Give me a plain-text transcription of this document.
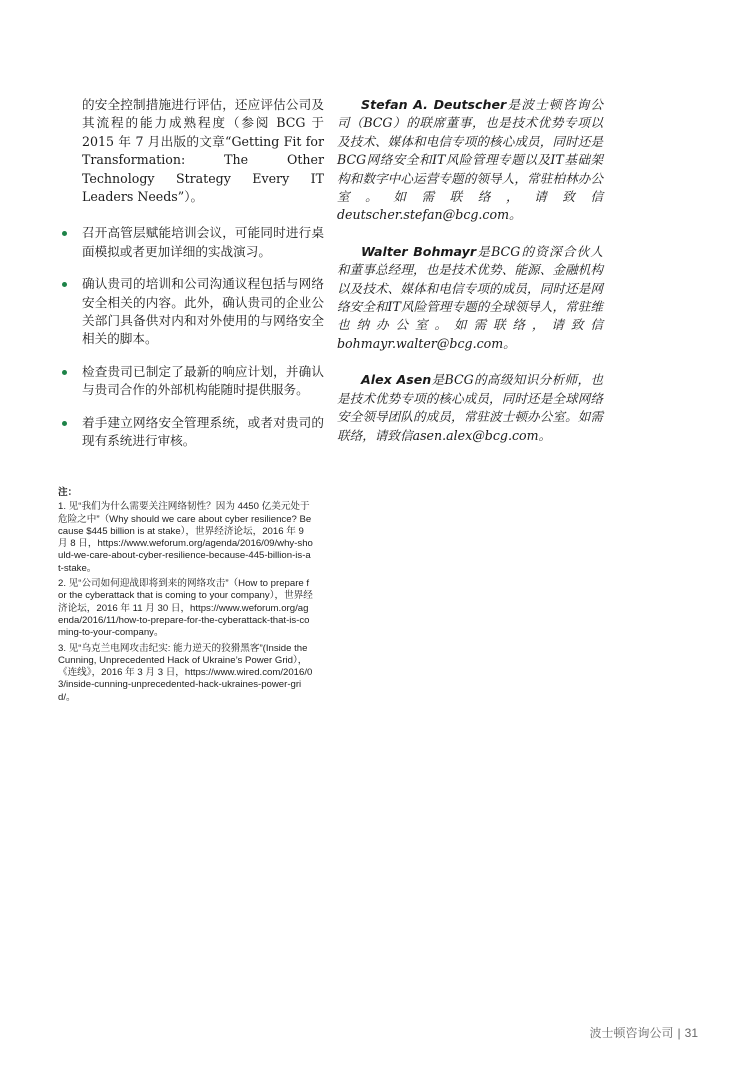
的安全控制措施进行评估，还应评估公司及其流程的能力成熟程度（参阅 BCG 于 2015 年 7 月出版的文章“Getting Fit for Transformation: The Other Technology Strategy Every IT Leaders Needs”）。

召开高管层赋能培训会议，可能同时进行桌面模拟或者更加详细的实战演习。
确认贵司的培训和公司沟通议程包括与网络安全相关的内容。此外，确认贵司的企业公关部门具备供对内和对外使用的与网络安全相关的脚本。
检查贵司已制定了最新的响应计划，并确认与贵司合作的外部机构能随时提供服务。
着手建立网络安全管理系统，或者对贵司的现有系统进行审核。

Stefan A. Deutscher是波士顿咨询公司（BCG）的联席董事，也是技术优势专项以及技术、媒体和电信专项的核心成员，同时还是BCG网络安全和IT风险管理专题以及IT基础架构和数字中心运营专题的领导人，常驻柏林办公室。如需联络，请致信deutscher.stefan@bcg.com。

Walter Bohmayr是BCG的资深合伙人和董事总经理，也是技术优势、能源、金融机构以及技术、媒体和电信专项的成员，同时还是网络安全和IT风险管理专题的全球领导人，常驻维也纳办公室。如需联络，请致信bohmayr.walter@bcg.com。

Alex Asen是BCG的高级知识分析师，也是技术优势专项的核心成员，同时还是全球网络安全领导团队的成员，常驻波士顿办公室。如需联络，请致信asen.alex@bcg.com。

注：

1. 见“我们为什么需要关注网络韧性？因为 4450 亿美元处于危险之中”（Why should we care about cyber resilience? Because $445 billion is at stake），世界经济论坛，2016 年 9 月 8 日，https://www.weforum.org/agenda/2016/09/why-should-we-care-about-cyber-resilience-because-445-billion-is-at-stake。

2. 见“公司如何迎战即将到来的网络攻击”（How to prepare for the cyberattack that is coming to your company），世界经济论坛，2016 年 11 月 30 日，https://www.weforum.org/agenda/2016/11/how-to-prepare-for-the-cyberattack-that-is-coming-to-your-company。

3. 见“乌克兰电网攻击纪实: 能力逆天的狡猾黑客”(Inside the Cunning, Unprecedented Hack of Ukraine’s Power Grid），《连线》，2016 年 3 月 3 日，https://www.wired.com/2016/03/inside-cunning-unprecedented-hack-ukraines-power-grid/。

波士顿咨询公司 | 31
